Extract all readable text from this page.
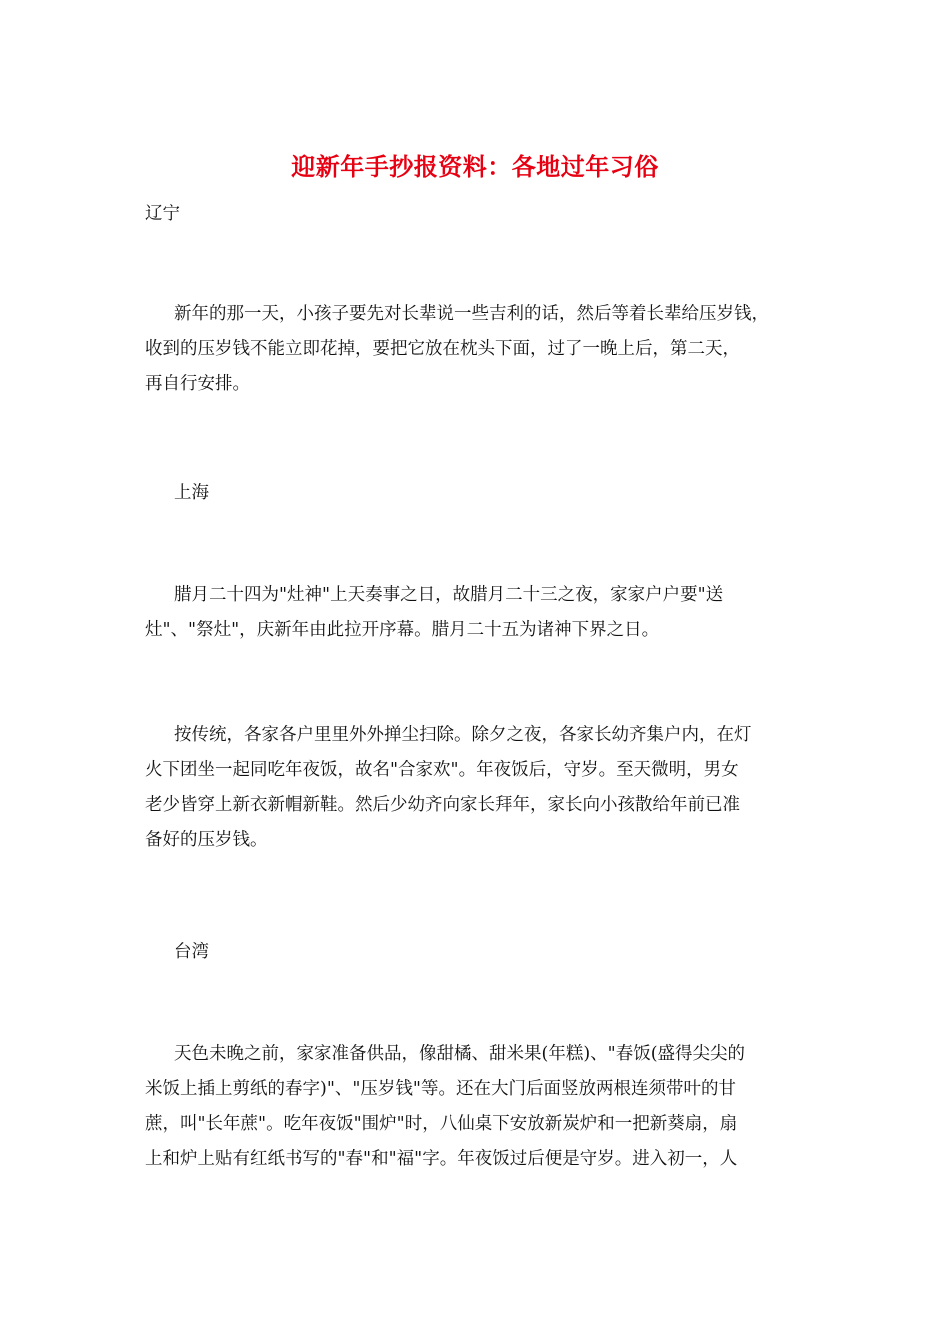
迎新年手抄报资料：各地过年习俗
辽宁
新年的那一天，小孩子要先对长辈说一些吉利的话，然后等着长辈给压岁钱，
收到的压岁钱不能立即花掉，要把它放在枕头下面，过了一晚上后，第二天，
再自行安排。
上海
腊月二十四为"灶神"上天奏事之日，故腊月二十三之夜，家家户户要"送
灶"、"祭灶"，庆新年由此拉开序幕。腊月二十五为诸神下界之日。
按传统，各家各户里里外外掸尘扫除。除夕之夜，各家长幼齐集户内，在灯
火下团坐一起同吃年夜饭，故名"合家欢"。年夜饭后，守岁。至天微明，男女
老少皆穿上新衣新帽新鞋。然后少幼齐向家长拜年，家长向小孩散给年前已准
备好的压岁钱。
台湾
天色未晚之前，家家准备供品，像甜橘、甜米果(年糕)、"春饭(盛得尖尖的
米饭上插上剪纸的春字)"、"压岁钱"等。还在大门后面竖放两根连须带叶的甘
蔗，叫"长年蔗"。吃年夜饭"围炉"时，八仙桌下安放新炭炉和一把新葵扇，扇
上和炉上贴有红纸书写的"春"和"福"字。年夜饭过后便是守岁。进入初一，人
